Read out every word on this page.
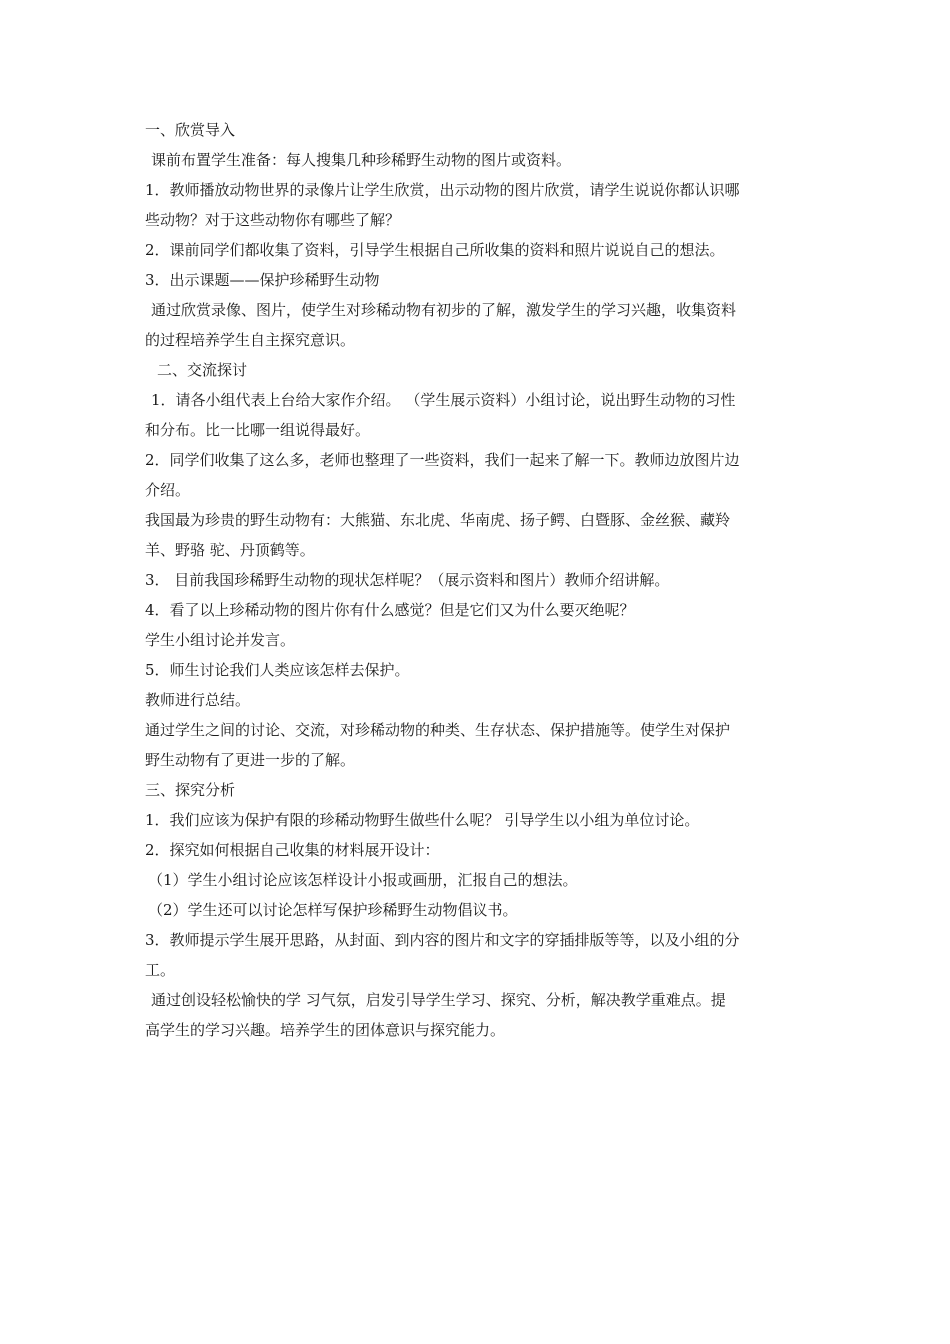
一、欣赏导入
课前布置学生准备：每人搜集几种珍稀野生动物的图片或资料。
1．教师播放动物世界的录像片让学生欣赏，出示动物的图片欣赏，请学生说说你都认识哪
些动物？对于这些动物你有哪些了解？
2．课前同学们都收集了资料，引导学生根据自己所收集的资料和照片说说自己的想法。
3．出示课题——保护珍稀野生动物
通过欣赏录像、图片，使学生对珍稀动物有初步的了解，激发学生的学习兴趣，收集资料
的过程培养学生自主探究意识。
二、交流探讨
1．请各小组代表上台给大家作介绍。 （学生展示资料）小组讨论，说出野生动物的习性
和分布。比一比哪一组说得最好。
2．同学们收集了这么多，老师也整理了一些资料，我们一起来了解一下。教师边放图片边
介绍。
我国最为珍贵的野生动物有：大熊猫、东北虎、华南虎、扬子鳄、白暨豚、金丝猴、藏羚
羊、野骆 驼、丹顶鹤等。
3． 目前我国珍稀野生动物的现状怎样呢？（展示资料和图片）教师介绍讲解。
4．看了以上珍稀动物的图片你有什么感觉？但是它们又为什么要灭绝呢？
学生小组讨论并发言。
5．师生讨论我们人类应该怎样去保护。
教师进行总结。
通过学生之间的讨论、交流，对珍稀动物的种类、生存状态、保护措施等。使学生对保护
野生动物有了更进一步的了解。
三、探究分析
1．我们应该为保护有限的珍稀动物野生做些什么呢？ 引导学生以小组为单位讨论。
2．探究如何根据自己收集的材料展开设计：
（1）学生小组讨论应该怎样设计小报或画册，汇报自己的想法。
（2）学生还可以讨论怎样写保护珍稀野生动物倡议书。
3．教师提示学生展开思路，从封面、到内容的图片和文字的穿插排版等等，以及小组的分
工。
通过创设轻松愉快的学 习气氛，启发引导学生学习、探究、分析，解决教学重难点。提
高学生的学习兴趣。培养学生的团体意识与探究能力。
